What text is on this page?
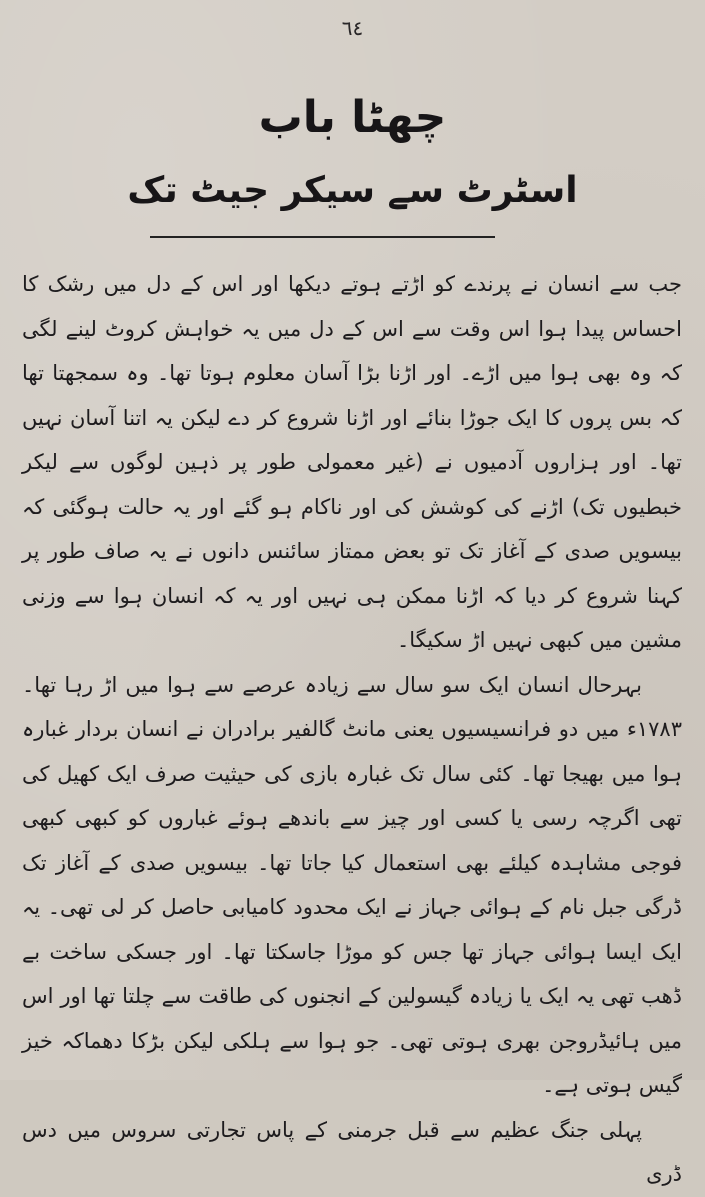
٦٤
چھٹا باب
اسٹرٹ سے سیکر جیٹ تک

جب سے انسان نے پرندے کو اڑتے ہوتے دیکھا اور اس کے دل میں رشک کا احساس پیدا ہوا اس وقت سے اس کے دل میں یہ خواہش کروٹ لینے لگی کہ وہ بھی ہوا میں اڑے۔ اور اڑنا بڑا آسان معلوم ہوتا تھا۔ وہ سمجھتا تھا کہ بس پروں کا ایک جوڑا بنائے اور اڑنا شروع کر دے لیکن یہ اتنا آسان نہیں تھا۔ اور ہزاروں آدمیوں نے (غیر معمولی طور پر ذہین لوگوں سے لیکر خبطیوں تک) اڑنے کی کوشش کی اور ناکام ہو گئے اور یہ حالت ہوگئی کہ بیسویں صدی کے آغاز تک تو بعض ممتاز سائنس دانوں نے یہ صاف طور پر کہنا شروع کر دیا کہ اڑنا ممکن ہی نہیں اور یہ کہ انسان ہوا سے وزنی مشین میں کبھی نہیں اڑ سکیگا۔

بہرحال انسان ایک سو سال سے زیادہ عرصے سے ہوا میں اڑ رہا تھا۔ ۱۷۸۳ء میں دو فرانسیسیوں یعنی مانٹ گالفیر برادران نے انسان بردار غبارہ ہوا میں بھیجا تھا۔ کئی سال تک غبارہ بازی کی حیثیت صرف ایک کھیل کی تھی اگرچہ رسی یا کسی اور چیز سے باندھے ہوئے غباروں کو کبھی کبھی فوجی مشاہدہ کیلئے بھی استعمال کیا جاتا تھا۔ بیسویں صدی کے آغاز تک ڈرگی جبل نام کے ہوائی جہاز نے ایک محدود کامیابی حاصل کر لی تھی۔ یہ ایک ایسا ہوائی جہاز تھا جس کو موڑا جاسکتا تھا۔ اور جسکی ساخت بے ڈھب تھی یہ ایک یا زیادہ گیسولین کے انجنوں کی طاقت سے چلتا تھا اور اس میں ہائیڈروجن بھری ہوتی تھی۔ جو ہوا سے ہلکی لیکن بڑکا دھماکہ خیز گیس ہوتی ہے۔

پہلی جنگ عظیم سے قبل جرمنی کے پاس تجارتی سروس میں دس ڈری
